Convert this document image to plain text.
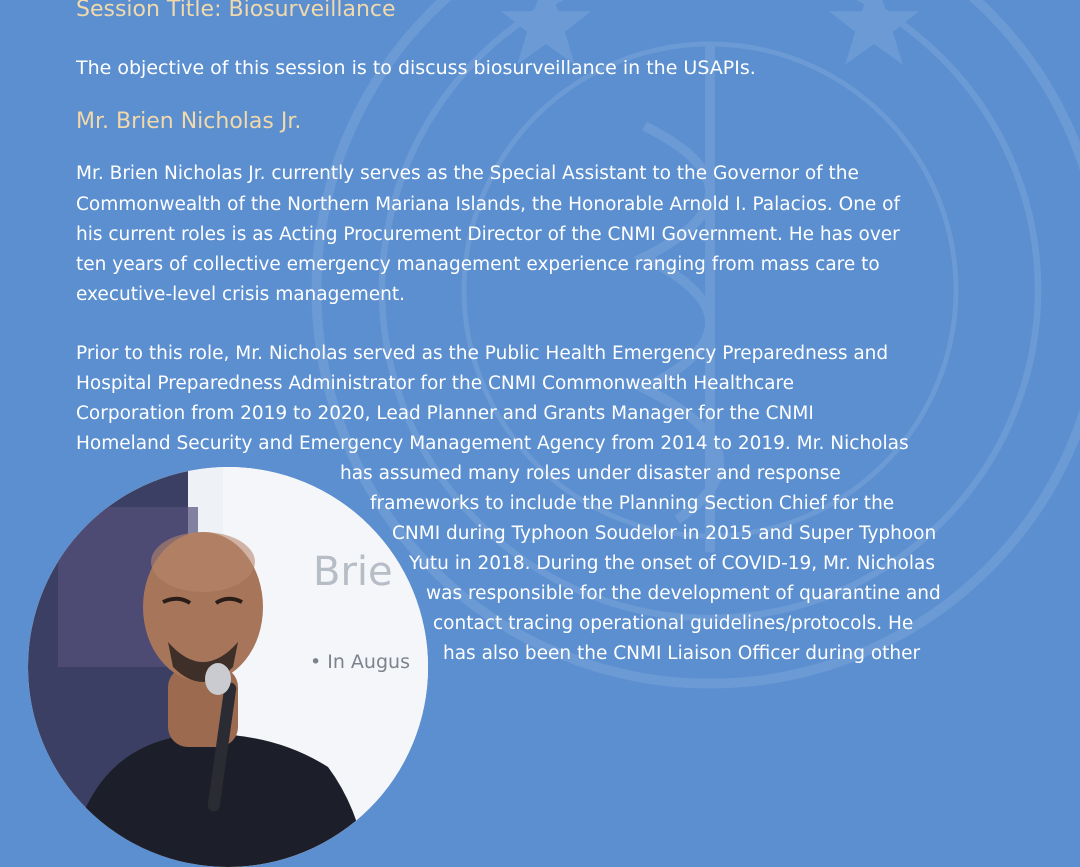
Session Title: Biosurveillance

The objective of this session is to discuss biosurveillance in the USAPIs.

Mr. Brien Nicholas Jr.

Mr. Brien Nicholas Jr. currently serves as the Special Assistant to the Governor of the

Commonwealth of the Northern Mariana Islands, the Honorable Arnold I. Palacios. One of

his current roles is as Acting Procurement Director of the CNMI Government. He has over

ten years of collective emergency management experience ranging from mass care to

executive-level crisis management.

Prior to this role, Mr. Nicholas served as the Public Health Emergency Preparedness and

Hospital Preparedness Administrator for the CNMI Commonwealth Healthcare

Corporation from 2019 to 2020, Lead Planner and Grants Manager for the CNMI

Homeland Security and Emergency Management Agency from 2014 to 2019. Mr. Nicholas

has assumed many roles under disaster and response

frameworks to include the Planning Section Chief for the

CNMI during Typhoon Soudelor in 2015 and Super Typhoon

Yutu in 2018. During the onset of COVID-19, Mr. Nicholas

was responsible for the development of quarantine and

contact tracing operational guidelines/protocols. He

has also been the CNMI Liaison Officer during other

Brie
• In Augus
